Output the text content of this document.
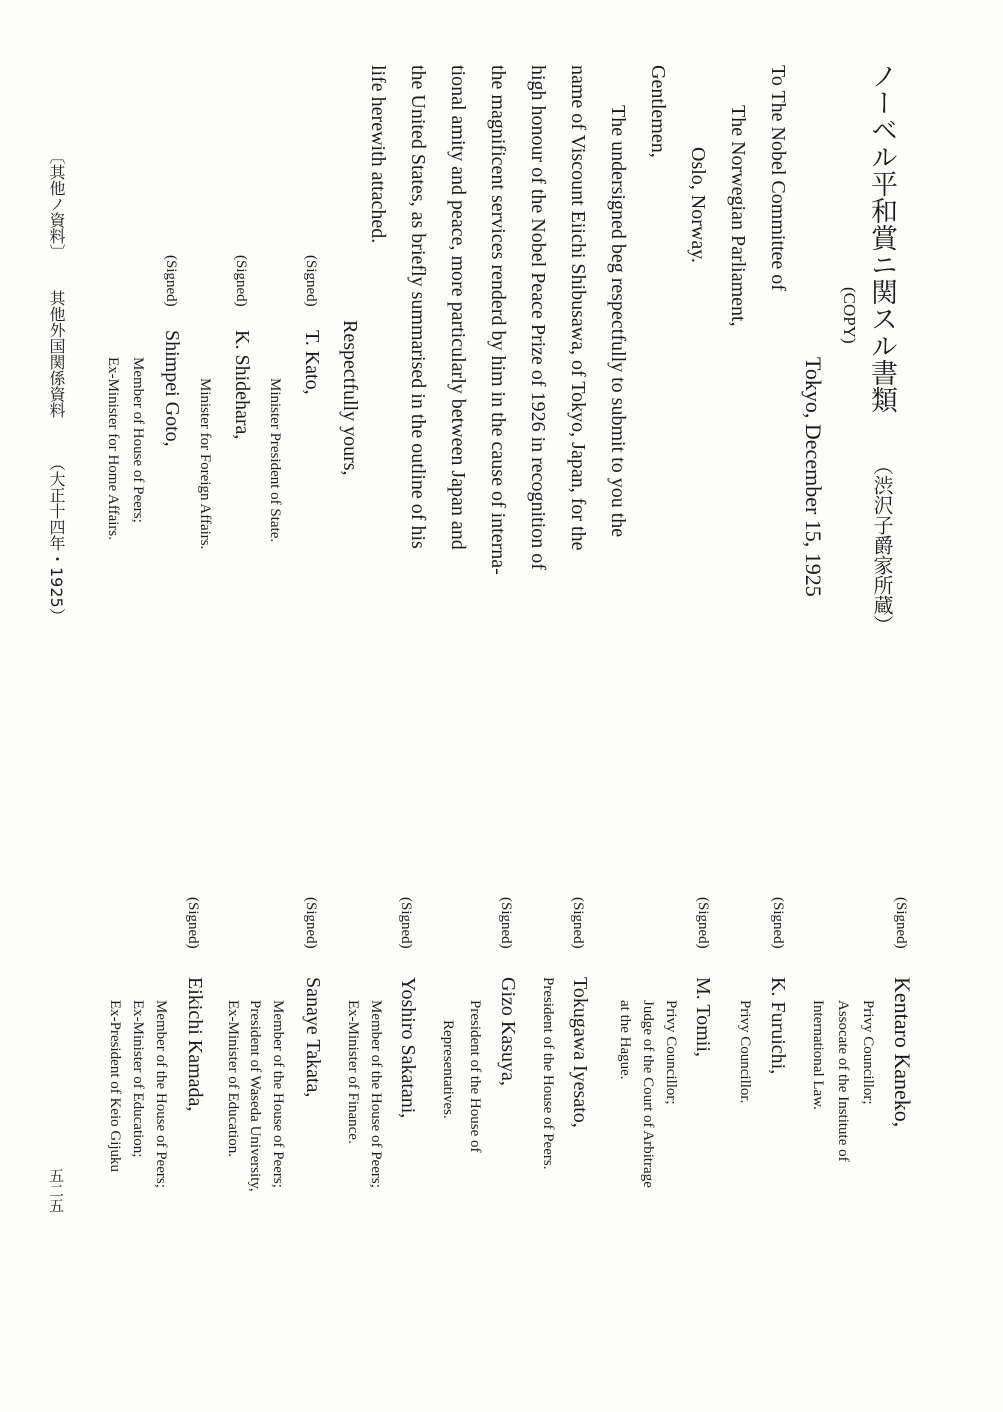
ノーベル平和賞ニ関スル書類
（渋沢子爵家所蔵）
(COPY)
Tokyo, December 15, 1925
To The Nobel Committee of
The Norwegian Parliament,
Oslo, Norway.
Gentlemen,
The undersigned beg respectfully to submit to you the
name of Viscount Eiichi Shibusawa, of Tokyo, Japan, for the
high honour of the Nobel Peace Prize of 1926 in recognition of
the magnificent services renderd by him in the cause of interna-
tional amity and peace, more particularly between Japan and
the United States, as briefly summarised in the outline of his
life herewith attached.
Respectfully yours,
(Signed)
T. Kato,
Minister President of State.
(Signed)
K. Shidehara,
Minister for Foreign Affairs.
(Signed)
Shimpei Goto,
Member of House of Peers;
Ex-Minister for Home Affairs.
〔其他ノ資料〕
其他外国関係資料
（大正十四年・1925）
(Signed)
Kentaro Kaneko,
Privy Councillor;
Assocate of the Institute of
International Law.
(Signed)
K. Furuichi,
Privy Councillor.
(Signed)
M. Tomii,
Privy Councillor;
Judge of the Court of Arbitrage
at the Hague.
(Signed)
Tokugawa Iyesato,
President of the House of Peers.
(Signed)
Gizo Kasuya,
President of the House of
Representatives.
(Signed)
Yoshiro Sakatani,
Member of the House of Peers;
Ex-Minister of Finance.
(Signed)
Sanaye Takata,
Member of the House of Peers;
President of Waseda University,
Ex-Minister of Education.
(Signed)
Eikichi Kamada,
Member of the House of Peers;
Ex-Minister of Education;
Ex-President of Keio Gijuku
五二五
